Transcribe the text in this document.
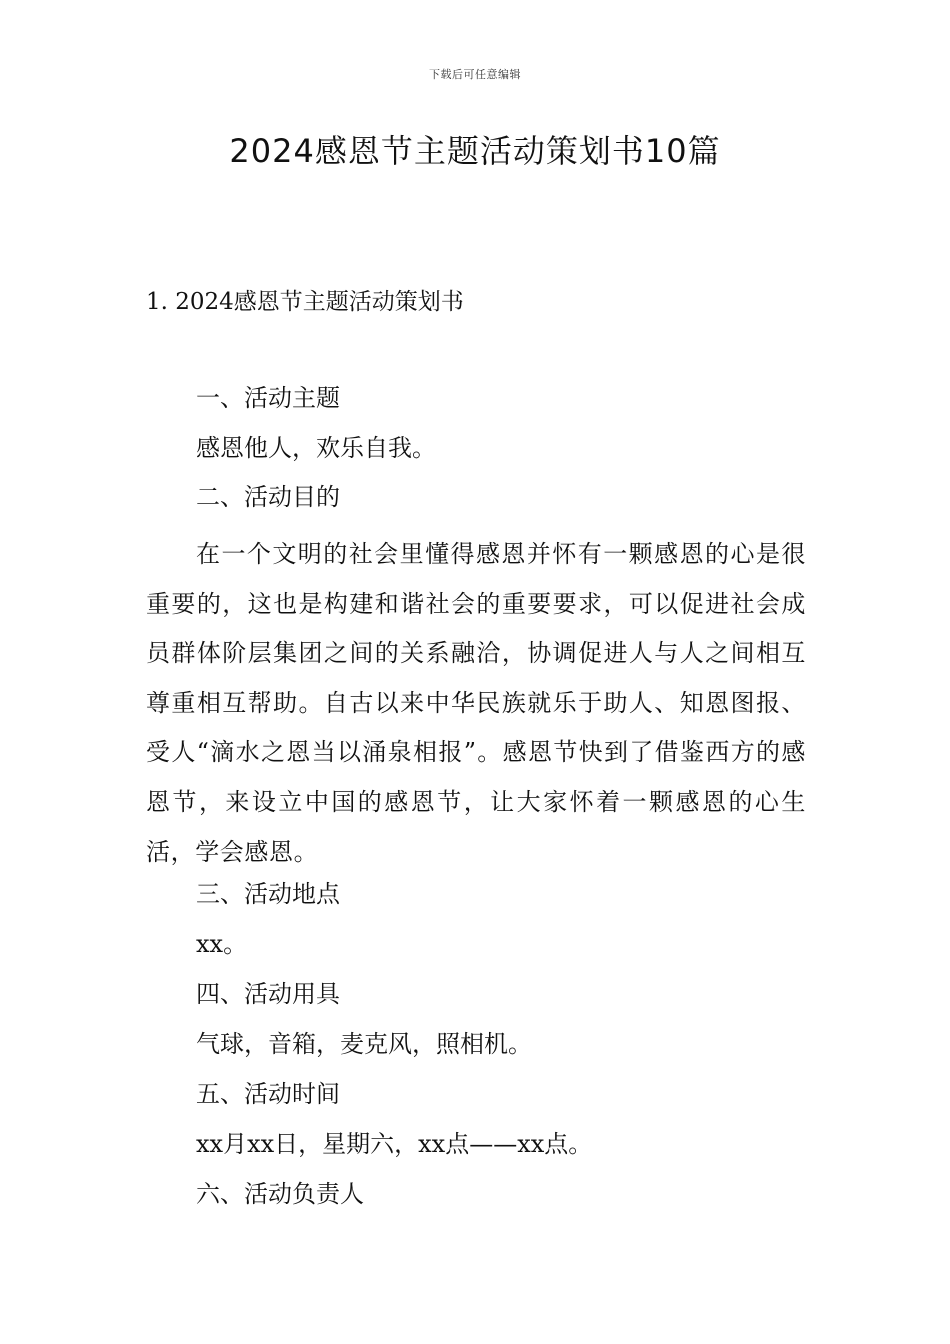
下载后可任意编辑
2024感恩节主题活动策划书10篇
1. 2024感恩节主题活动策划书
一、活动主题
感恩他人，欢乐自我。
二、活动目的
在一个文明的社会里懂得感恩并怀有一颗感恩的心是很重要的，这也是构建和谐社会的重要要求，可以促进社会成员群体阶层集团之间的关系融洽，协调促进人与人之间相互尊重相互帮助。自古以来中华民族就乐于助人、知恩图报、受人“滴水之恩当以涌泉相报”。感恩节快到了借鉴西方的感恩节，来设立中国的感恩节，让大家怀着一颗感恩的心生活，学会感恩。
三、活动地点
xx。
四、活动用具
气球，音箱，麦克风，照相机。
五、活动时间
xx月xx日，星期六，xx点——xx点。
六、活动负责人
